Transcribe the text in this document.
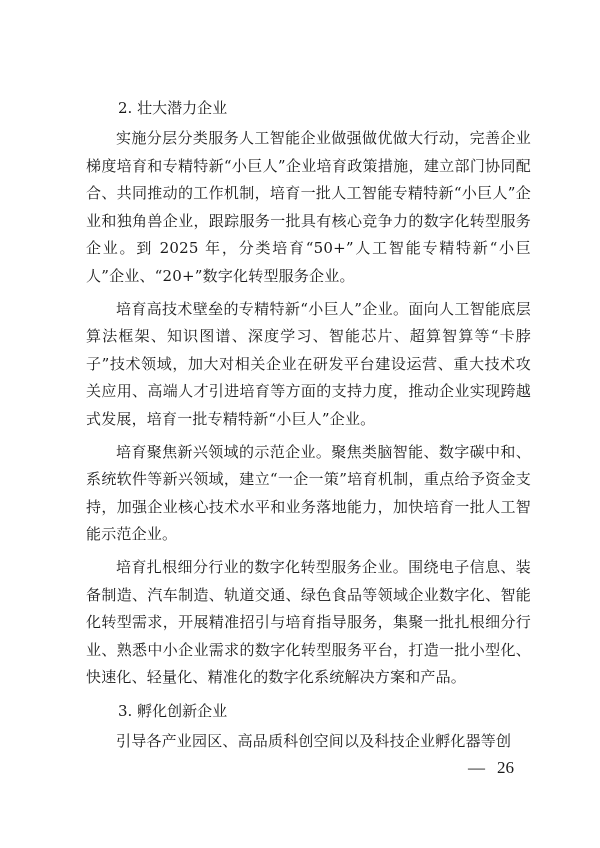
2. 壮大潜力企业

实施分层分类服务人工智能企业做强做优做大行动，完善企业梯度培育和专精特新“小巨人”企业培育政策措施，建立部门协同配合、共同推动的工作机制，培育一批人工智能专精特新“小巨人”企业和独角兽企业，跟踪服务一批具有核心竞争力的数字化转型服务企业。到 2025 年，分类培育“50+”人工智能专精特新“小巨人”企业、“20+”数字化转型服务企业。

培育高技术壁垒的专精特新“小巨人”企业。面向人工智能底层算法框架、知识图谱、深度学习、智能芯片、超算智算等“卡脖子”技术领域，加大对相关企业在研发平台建设运营、重大技术攻关应用、高端人才引进培育等方面的支持力度，推动企业实现跨越式发展，培育一批专精特新“小巨人”企业。

培育聚焦新兴领域的示范企业。聚焦类脑智能、数字碳中和、系统软件等新兴领域，建立“一企一策”培育机制，重点给予资金支持，加强企业核心技术水平和业务落地能力，加快培育一批人工智能示范企业。

培育扎根细分行业的数字化转型服务企业。围绕电子信息、装备制造、汽车制造、轨道交通、绿色食品等领域企业数字化、智能化转型需求，开展精准招引与培育指导服务，集聚一批扎根细分行业、熟悉中小企业需求的数字化转型服务平台，打造一批小型化、快速化、轻量化、精准化的数字化系统解决方案和产品。

3. 孵化创新企业

引导各产业园区、高品质科创空间以及科技企业孵化器等创

— 26
